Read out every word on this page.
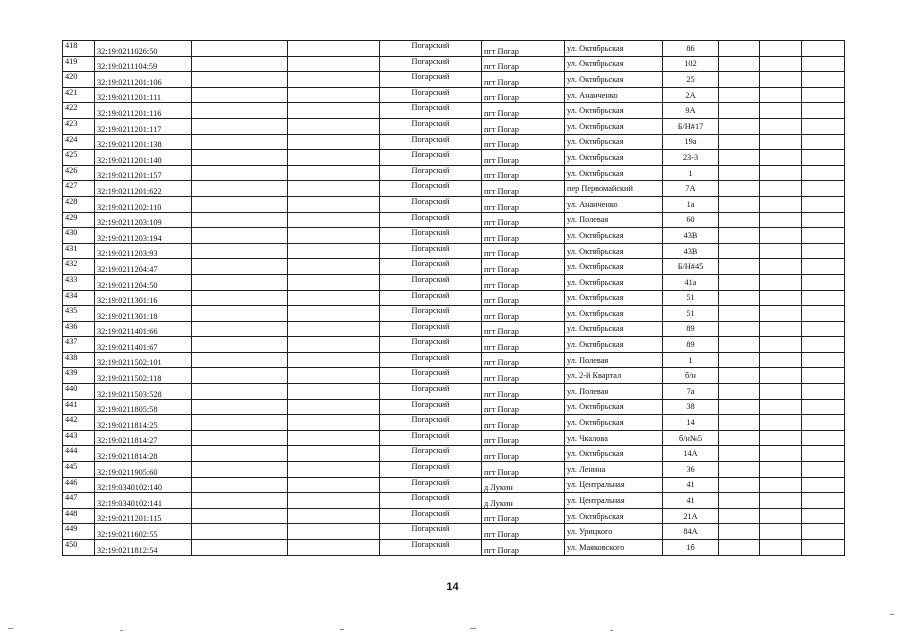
418	32:19:0211026:50			Погарский	пгт Погар	ул. Октябрьская	86			
419	32:19:0211104:59			Погарский	пгт Погар	ул. Октябрьская	102			
420	32:19:0211201:106			Погарский	пгт Погар	ул. Октябрьская	25			
421	32:19:0211201:111			Погарский	пгт Погар	ул. Ананченко	2А			
422	32:19:0211201:116			Погарский	пгт Погар	ул. Октябрьская	9А			
423	32:19:0211201:117			Погарский	пгт Погар	ул. Октябрьская	Б/Н#17			
424	32:19:0211201:138			Погарский	пгт Погар	ул. Октябрьская	19а			
425	32:19:0211201:140			Погарский	пгт Погар	ул. Октябрьская	23-3			
426	32:19:0211201:157			Погарский	пгт Погар	ул. Октябрьская	1			
427	32:19:0211201:622			Погарский	пгт Погар	пер Первомайский	7А			
428	32:19:0211202:110			Погарский	пгт Погар	ул. Ананченко	1а			
429	32:19:0211203:109			Погарский	пгт Погар	ул. Полевая	60			
430	32:19:0211203:194			Погарский	пгт Погар	ул. Октябрьская	43В			
431	32:19:0211203:93			Погарский	пгт Погар	ул. Октябрьская	43В			
432	32:19:0211204:47			Погарский	пгт Погар	ул. Октябрьская	Б/Н#45			
433	32:19:0211204:50			Погарский	пгт Погар	ул. Октябрьская	41а			
434	32:19:0211301:16			Погарский	пгт Погар	ул. Октябрьская	51			
435	32:19:0211301:18			Погарский	пгт Погар	ул. Октябрьская	51			
436	32:19:0211401:66			Погарский	пгт Погар	ул. Октябрьская	89			
437	32:19:0211401:67			Погарский	пгт Погар	ул. Октябрьская	89			
438	32:19:0211502:101			Погарский	пгт Погар	ул. Полевая	1			
439	32:19:0211502:118			Погарский	пгт Погар	ул. 2-й Квартал	б/н			
440	32:19:0211503:528			Погарский	пгт Погар	ул. Полевая	7а			
441	32:19:0211805:58			Погарский	пгт Погар	ул. Октябрьская	38			
442	32:19:0211814:25			Погарский	пгт Погар	ул. Октябрьская	14			
443	32:19:0211814:27			Погарский	пгт Погар	ул. Чкалова	б/н№5			
444	32:19:0211814:28			Погарский	пгт Погар	ул. Октябрьская	14А			
445	32:19:0211905:60			Погарский	пгт Погар	ул. Ленина	36			
446	32:19:0340102:140			Погарский	д Лукин	ул. Центральная	41			
447	32:19:0340102:141			Погарский	д Лукин	ул. Центральная	41			
448	32:19:0211201:115			Погарский	пгт Погар	ул. Октябрьская	21А			
449	32:19:0211602:55			Погарский	пгт Погар	ул. Урицкого	84А			
450	32:19:0211812:54			Погарский	пгт Погар	ул. Маяковского	1б			
14
